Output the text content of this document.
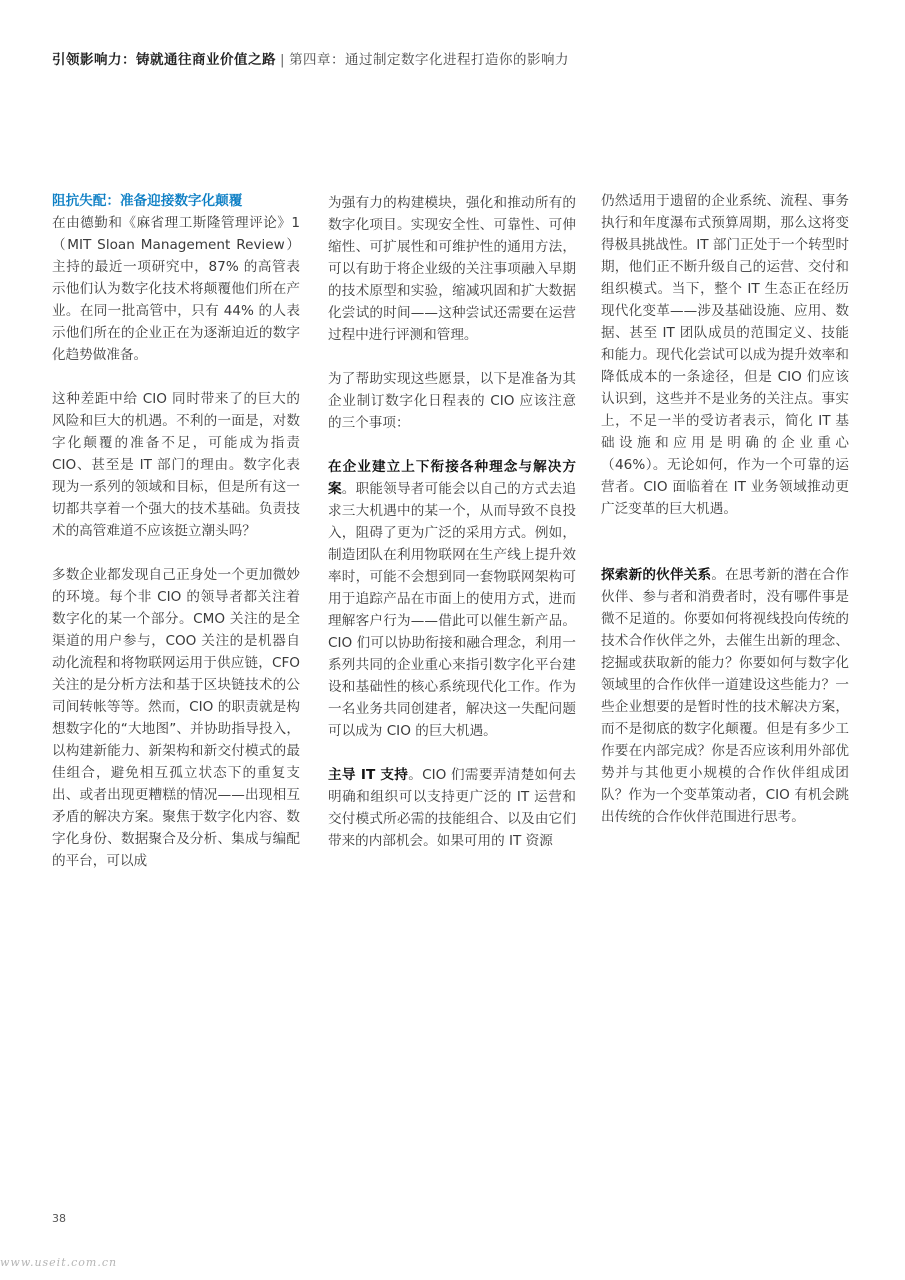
引领影响力：铸就通往商业价值之路 | 第四章：通过制定数字化进程打造你的影响力

阻抗失配：准备迎接数字化颠覆
在由德勤和《麻省理工斯隆管理评论》1（MIT Sloan Management Review）主持的最近一项研究中，87% 的高管表示他们认为数字化技术将颠覆他们所在产业。在同一批高管中，只有 44% 的人表示他们所在的企业正在为逐渐迫近的数字化趋势做准备。

这种差距中给 CIO 同时带来了的巨大的风险和巨大的机遇。不利的一面是，对数字化颠覆的准备不足，可能成为指责 CIO、甚至是 IT 部门的理由。数字化表现为一系列的领域和目标，但是所有这一切都共享着一个强大的技术基础。负责技术的高管难道不应该挺立潮头吗？

多数企业都发现自己正身处一个更加微妙的环境。每个非 CIO 的领导者都关注着数字化的某一个部分。CMO 关注的是全渠道的用户参与，COO 关注的是机器自动化流程和将物联网运用于供应链，CFO 关注的是分析方法和基于区块链技术的公司间转帐等等。然而，CIO 的职责就是构想数字化的“大地图”、并协助指导投入，以构建新能力、新架构和新交付模式的最佳组合，避免相互孤立状态下的重复支出、或者出现更糟糕的情况——出现相互矛盾的解决方案。聚焦于数字化内容、数字化身份、数据聚合及分析、集成与编配的平台，可以成

为强有力的构建模块，强化和推动所有的数字化项目。实现安全性、可靠性、可伸缩性、可扩展性和可维护性的通用方法，可以有助于将企业级的关注事项融入早期的技术原型和实验，缩减巩固和扩大数据化尝试的时间——这种尝试还需要在运营过程中进行评测和管理。

为了帮助实现这些愿景，以下是准备为其企业制订数字化日程表的 CIO 应该注意的三个事项：

在企业建立上下衔接各种理念与解决方案。职能领导者可能会以自己的方式去追求三大机遇中的某一个，从而导致不良投入，阻碍了更为广泛的采用方式。例如，制造团队在利用物联网在生产线上提升效率时，可能不会想到同一套物联网架构可用于追踪产品在市面上的使用方式，进而理解客户行为——借此可以催生新产品。CIO 们可以协助衔接和融合理念，利用一系列共同的企业重心来指引数字化平台建设和基础性的核心系统现代化工作。作为一名业务共同创建者，解决这一失配问题可以成为 CIO 的巨大机遇。

主导 IT 支持。CIO 们需要弄清楚如何去明确和组织可以支持更广泛的 IT 运营和交付模式所必需的技能组合、以及由它们带来的内部机会。如果可用的 IT 资源

仍然适用于遗留的企业系统、流程、事务执行和年度瀑布式预算周期，那么这将变得极具挑战性。IT 部门正处于一个转型时期，他们正不断升级自己的运营、交付和组织模式。当下，整个 IT 生态正在经历现代化变革——涉及基础设施、应用、数据、甚至 IT 团队成员的范围定义、技能和能力。现代化尝试可以成为提升效率和降低成本的一条途径，但是 CIO 们应该认识到，这些并不是业务的关注点。事实上，不足一半的受访者表示，简化 IT 基础设施和应用是明确的企业重心（46%）。无论如何，作为一个可靠的运营者。CIO 面临着在 IT 业务领域推动更广泛变革的巨大机遇。

探索新的伙伴关系。在思考新的潜在合作伙伴、参与者和消费者时，没有哪件事是微不足道的。你要如何将视线投向传统的技术合作伙伴之外，去催生出新的理念、挖掘或获取新的能力？你要如何与数字化领域里的合作伙伴一道建设这些能力？一些企业想要的是暂时性的技术解决方案，而不是彻底的数字化颠覆。但是有多少工作要在内部完成？你是否应该利用外部优势并与其他更小规模的合作伙伴组成团队？作为一个变革策动者，CIO 有机会跳出传统的合作伙伴范围进行思考。

38
www.useit.com.cn
